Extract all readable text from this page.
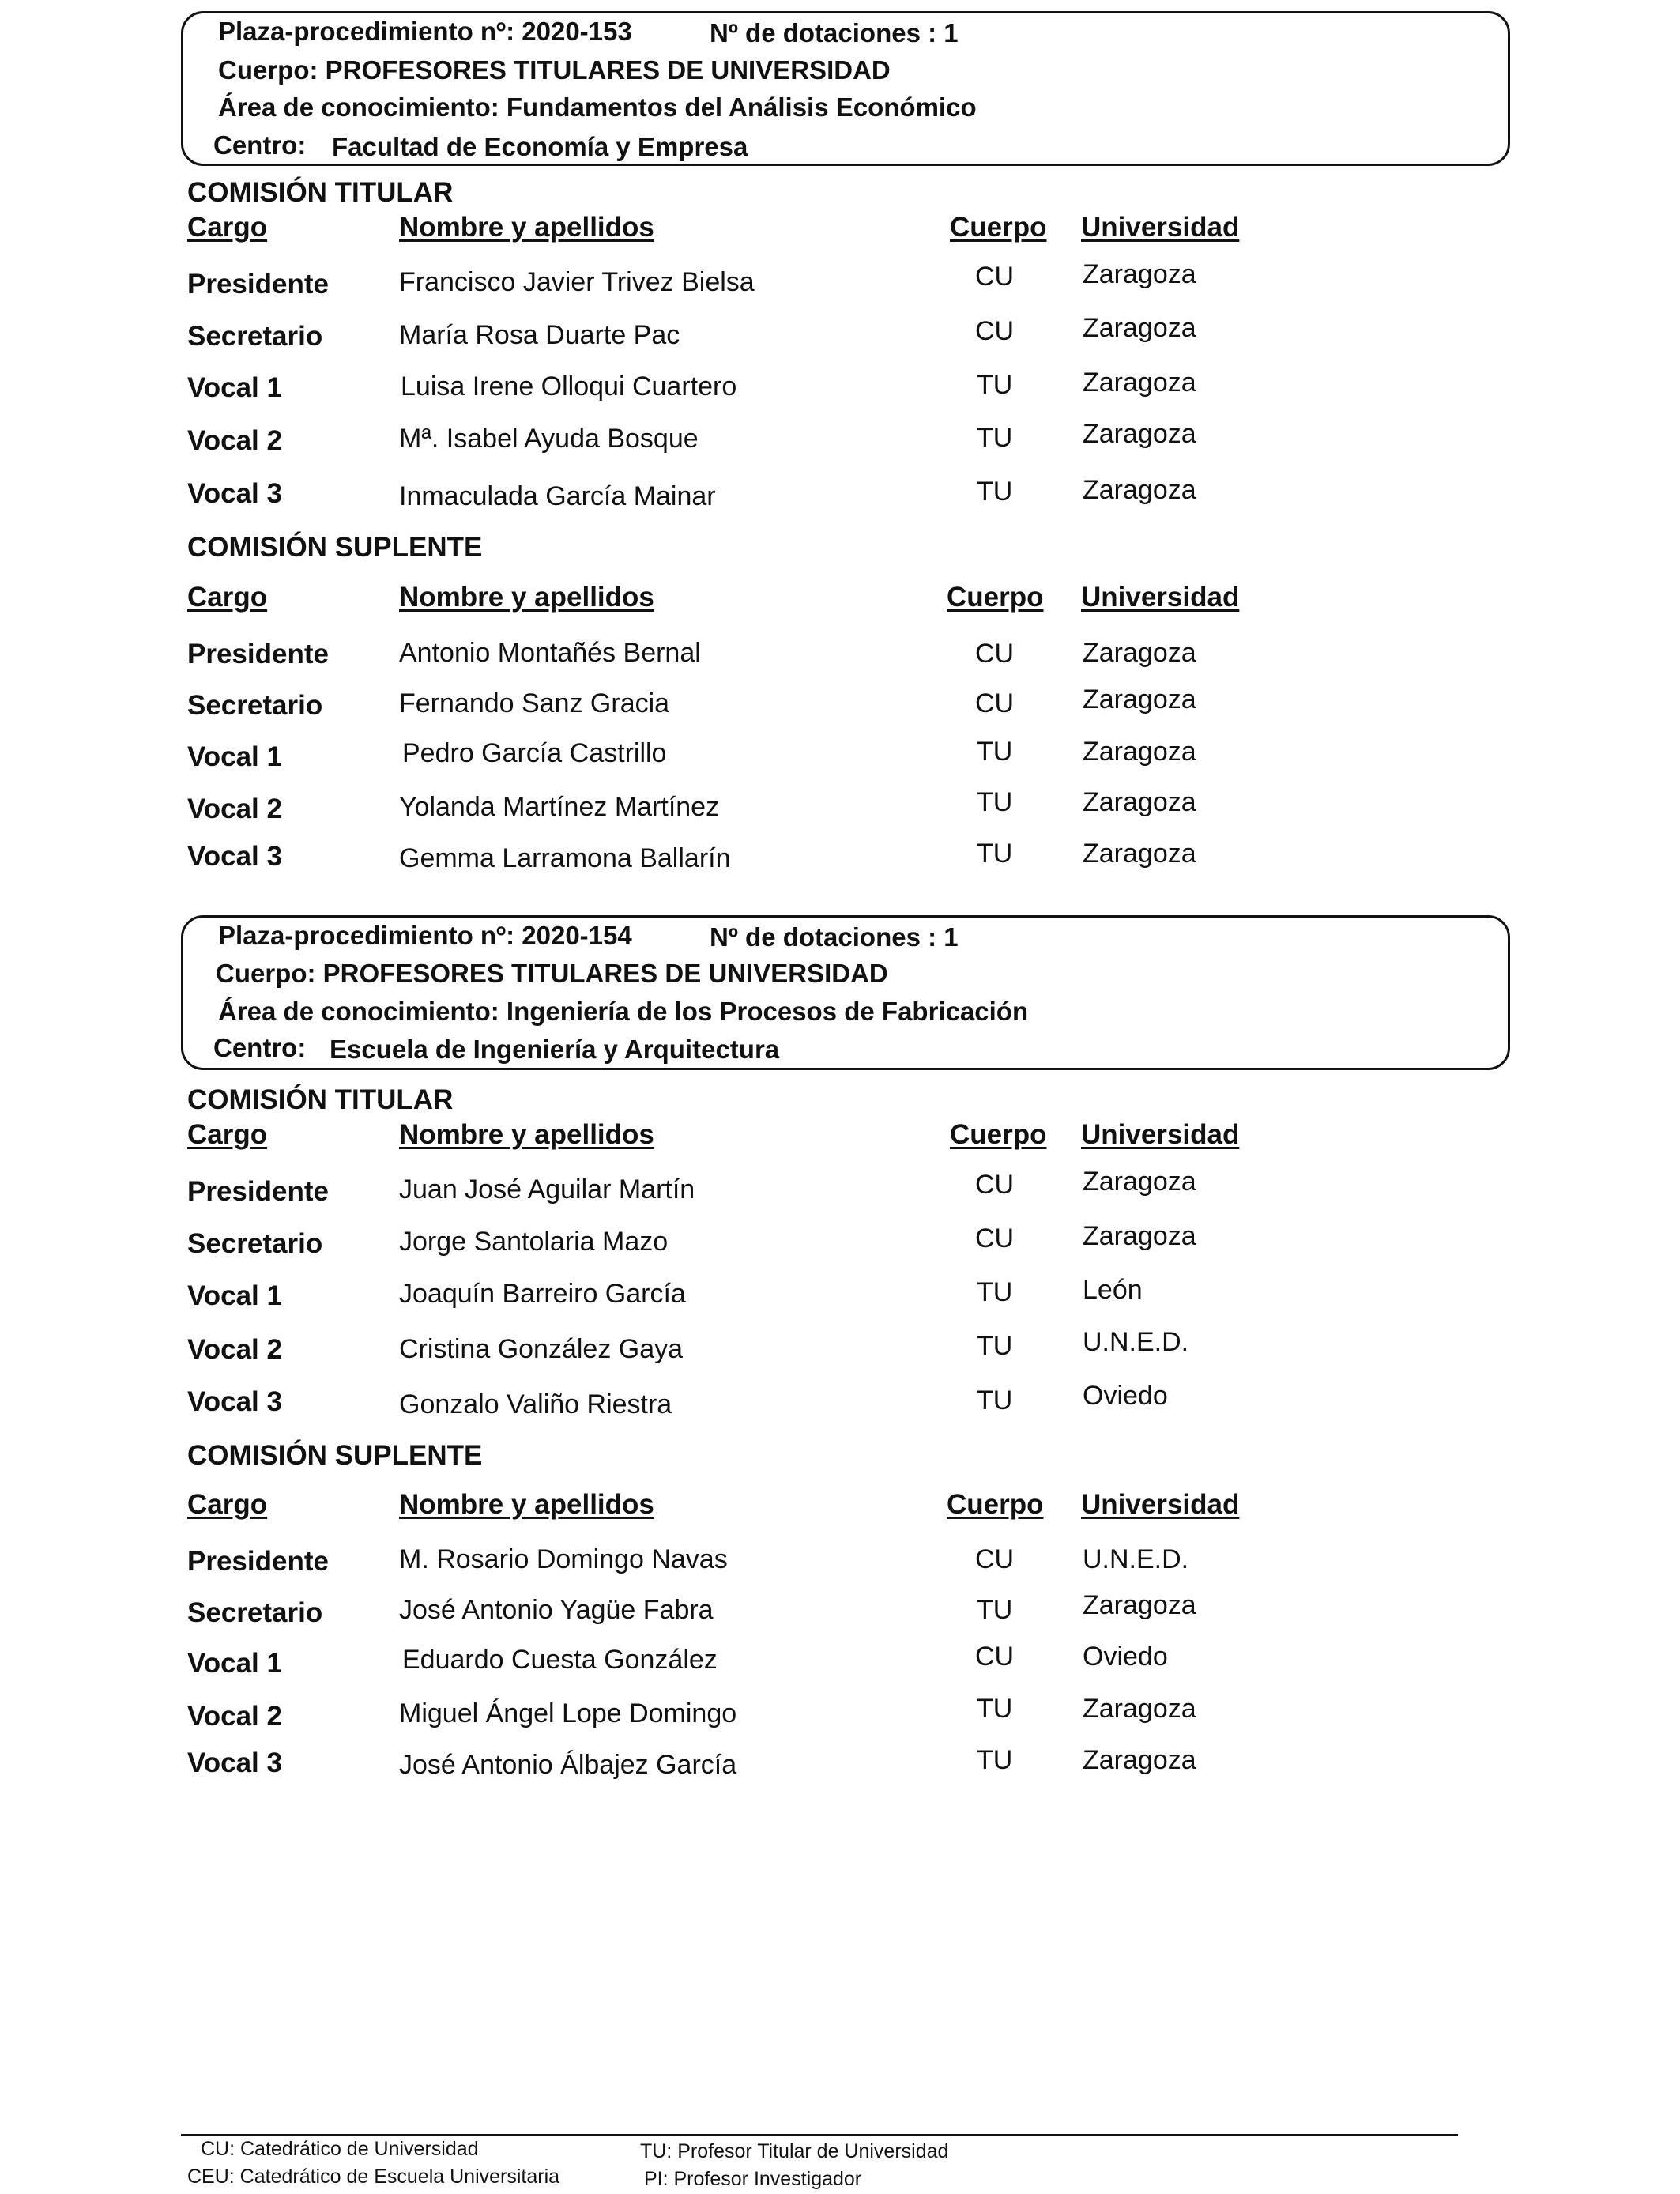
Plaza-procedimiento nº: 2020-153	Nº de dotaciones : 1
Cuerpo: PROFESORES TITULARES DE UNIVERSIDAD
Área de conocimiento: Fundamentos del Análisis Económico
Centro: Facultad de Economía y Empresa
COMISIÓN TITULAR
Cargo	Nombre y apellidos	Cuerpo Universidad
Presidente	Francisco Javier Trivez Bielsa	CU	Zaragoza
Secretario	María Rosa Duarte Pac	CU	Zaragoza
Vocal 1	Luisa Irene Olloqui Cuartero	TU	Zaragoza
Vocal 2	Mª. Isabel Ayuda Bosque	TU	Zaragoza
Vocal 3	Inmaculada García Mainar	TU	Zaragoza
COMISIÓN SUPLENTE
Cargo	Nombre y apellidos	Cuerpo Universidad
Presidente	Antonio Montañés Bernal	CU	Zaragoza
Secretario	Fernando Sanz Gracia	CU	Zaragoza
Vocal 1	Pedro García Castrillo	TU	Zaragoza
Vocal 2	Yolanda Martínez Martínez	TU	Zaragoza
Vocal 3	Gemma Larramona Ballarín	TU	Zaragoza
Plaza-procedimiento nº: 2020-154	Nº de dotaciones : 1
Cuerpo: PROFESORES TITULARES DE UNIVERSIDAD
Área de conocimiento: Ingeniería de los Procesos de Fabricación
Centro: Escuela de Ingeniería y Arquitectura
COMISIÓN TITULAR
Cargo	Nombre y apellidos	Cuerpo Universidad
Presidente	Juan José Aguilar Martín	CU	Zaragoza
Secretario	Jorge Santolaria Mazo	CU	Zaragoza
Vocal 1	Joaquín Barreiro García	TU	León
Vocal 2	Cristina González Gaya	TU	U.N.E.D.
Vocal 3	Gonzalo Valiño Riestra	TU	Oviedo
COMISIÓN SUPLENTE
Cargo	Nombre y apellidos	Cuerpo Universidad
Presidente	M. Rosario Domingo Navas	CU	U.N.E.D.
Secretario	José Antonio Yagüe Fabra	TU	Zaragoza
Vocal 1	Eduardo Cuesta González	CU	Oviedo
Vocal 2	Miguel Ángel Lope Domingo	TU	Zaragoza
Vocal 3	José Antonio Álbajez García	TU	Zaragoza
CU: Catedrático de Universidad
CEU: Catedrático de Escuela Universitaria
TU: Profesor Titular de Universidad
PI: Profesor Investigador
